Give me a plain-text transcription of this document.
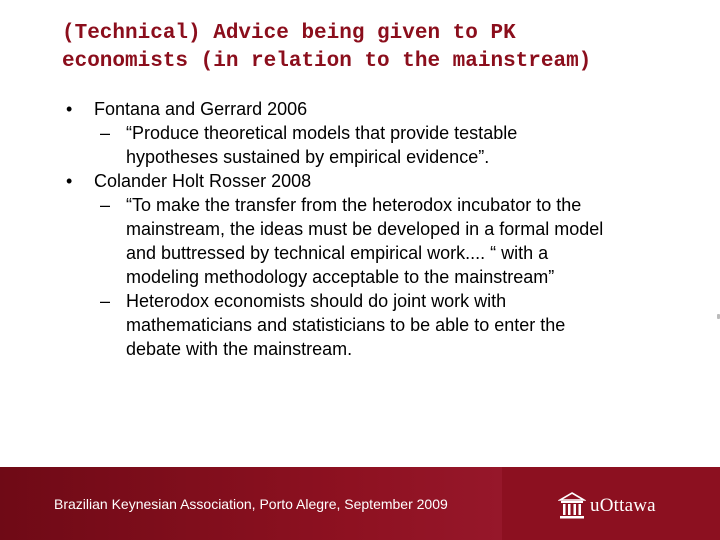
(Technical) Advice being given to PK
economists (in relation to the mainstream)
• Fontana and Gerrard 2006
– “Produce theoretical models that provide testable
hypotheses sustained by empirical evidence”.
• Colander Holt Rosser 2008
– “To make the transfer from the heterodox incubator to the
mainstream, the ideas must be developed in a formal model
and buttressed by technical empirical work.... “ with a
modeling methodology acceptable to the mainstream”
– Heterodox economists should do joint work with
mathematicians and statisticians to be able to enter the
debate with the mainstream.
Brazilian Keynesian Association, Porto Alegre, September 2009	uOttawa
